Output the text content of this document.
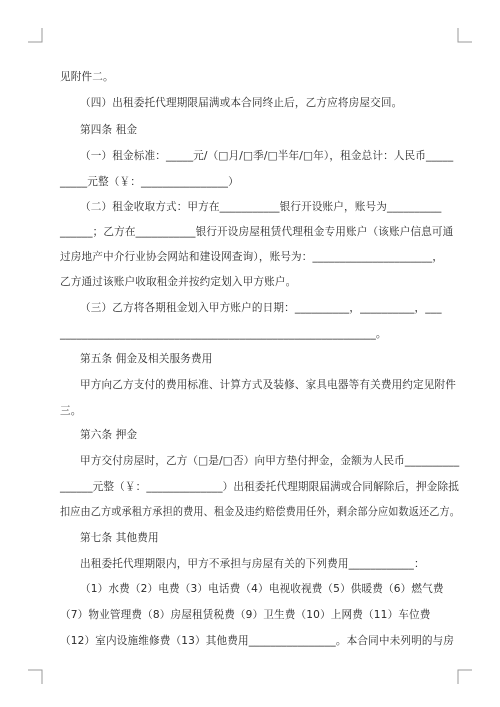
见附件二。
（四）出租委托代理期限届满或本合同终止后，乙方应将房屋交回。
第四条 租金
（一）租金标准：_____元/（□月/□季/□半年/□年），租金总计：人民币_____
_____元整（￥：________________）
（二）租金收取方式：甲方在___________银行开设账户，账号为__________
______；乙方在___________银行开设房屋租赁代理租金专用账户（该账户信息可通
过房地产中介行业协会网站和建设网查询），账号为：______________________，
乙方通过该账户收取租金并按约定划入甲方账户。
（三）乙方将各期租金划入甲方账户的日期：__________，__________，___
__________________________________________________________。
第五条 佣金及相关服务费用
甲方向乙方支付的费用标准、计算方式及装修、家具电器等有关费用约定见附件
三。
第六条 押金
甲方交付房屋时，乙方（□是/□否）向甲方垫付押金，金额为人民币__________
______元整（￥：______________）出租委托代理期限届满或合同解除后，押金除抵
扣应由乙方或承租方承担的费用、租金及违约赔偿费用任外，剩余部分应如数返还乙方。
第七条 其他费用
出租委托代理期限内，甲方不承担与房屋有关的下列费用____________：
（1）水费（2）电费（3）电话费（4）电视收视费（5）供暖费（6）燃气费
（7）物业管理费（8）房屋租赁税费（9）卫生费（10）上网费（11）车位费
（12）室内设施维修费（13）其他费用________________。本合同中未列明的与房
